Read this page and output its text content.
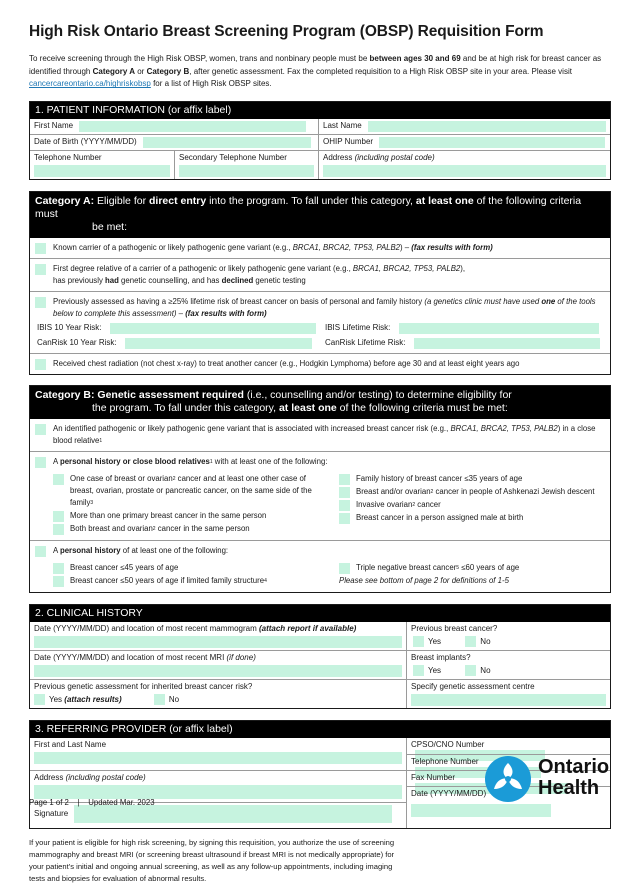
High Risk Ontario Breast Screening Program (OBSP) Requisition Form

To receive screening through the High Risk OBSP, women, trans and nonbinary people must be between ages 30 and 69 and be at high risk for breast cancer as identified through Category A or Category B, after genetic assessment. Fax the completed requisition to a High Risk OBSP site in your area. Please visit
cancercareontario.ca/highriskobsp for a list of High Risk OBSP sites.

1. PATIENT INFORMATION (or affix label)
First Name	Last Name
Date of Birth (YYYY/MM/DD)	OHIP Number
Telephone Number	Secondary Telephone Number	Address (including postal code)
Category A: Eligible for direct entry into the program. To fall under this category, at least one of the following criteria must
be met:
Known carrier of a pathogenic or likely pathogenic gene variant (e.g., BRCA1, BRCA2, TP53, PALB2) – (fax results with form)
First degree relative of a carrier of a pathogenic or likely pathogenic gene variant (e.g., BRCA1, BRCA2, TP53, PALB2),
has previously had genetic counselling, and has declined genetic testing
Previously assessed as having a ≥25% lifetime risk of breast cancer on basis of personal and family history (a genetics clinic must have used one of the tools below to complete this assessment) – (fax results with form)
IBIS 10 Year Risk:	IBIS Lifetime Risk:
CanRisk 10 Year Risk:	CanRisk Lifetime Risk:
Received chest radiation (not chest x-ray) to treat another cancer (e.g., Hodgkin Lymphoma) before age 30 and at least eight years ago
Category B: Genetic assessment required (i.e., counselling and/or testing) to determine eligibility for
the program. To fall under this category, at least one of the following criteria must be met:
An identified pathogenic or likely pathogenic gene variant that is associated with increased breast cancer risk (e.g., BRCA1, BRCA2, TP53, PALB2) in a close blood relative$^1$
A personal history or close blood relatives$^1$ with at least one of the following:
One case of breast or ovarian$^2$ cancer and at least one other case of breast, ovarian, prostate or pancreatic cancer, on the same side of the family$^3$
More than one primary breast cancer in the same person
Both breast and ovarian$^2$ cancer in the same person
Family history of breast cancer ≤35 years of age
Breast and/or ovarian$^2$ cancer in people of Ashkenazi Jewish descent
Invasive ovarian$^2$ cancer
Breast cancer in a person assigned male at birth
A personal history of at least one of the following:
Breast cancer ≤45 years of age
Breast cancer ≤50 years of age if limited family structure$^4$
Triple negative breast cancer$^5$ ≤60 years of age
Please see bottom of page 2 for definitions of 1-5
2. CLINICAL HISTORY
Date (YYYY/MM/DD) and location of most recent mammogram (attach report if available)	Previous breast cancer?
Yes	No
Date (YYYY/MM/DD) and location of most recent MRI (if done)	Breast implants?
Yes	No
Previous genetic assessment for inherited breast cancer risk?
Yes (attach results)	No
Specify genetic assessment centre
3. REFERRING PROVIDER (or affix label)
First and Last Name
Address (including postal code)
Signature
CPSO/CNO Number
Telephone Number
Fax Number
Date (YYYY/MM/DD)

If your patient is eligible for high risk screening, by signing this requisition, you authorize the use of screening mammography and breast MRI (or screening breast ultrasound if breast MRI is not medically appropriate) for your patient’s initial and ongoing annual screening, as well as any follow-up appointments, including imaging tests and biopsies for evaluation of abnormal results.

Ontario
Health
Page 1 of 2    |    Updated Mar. 2023
